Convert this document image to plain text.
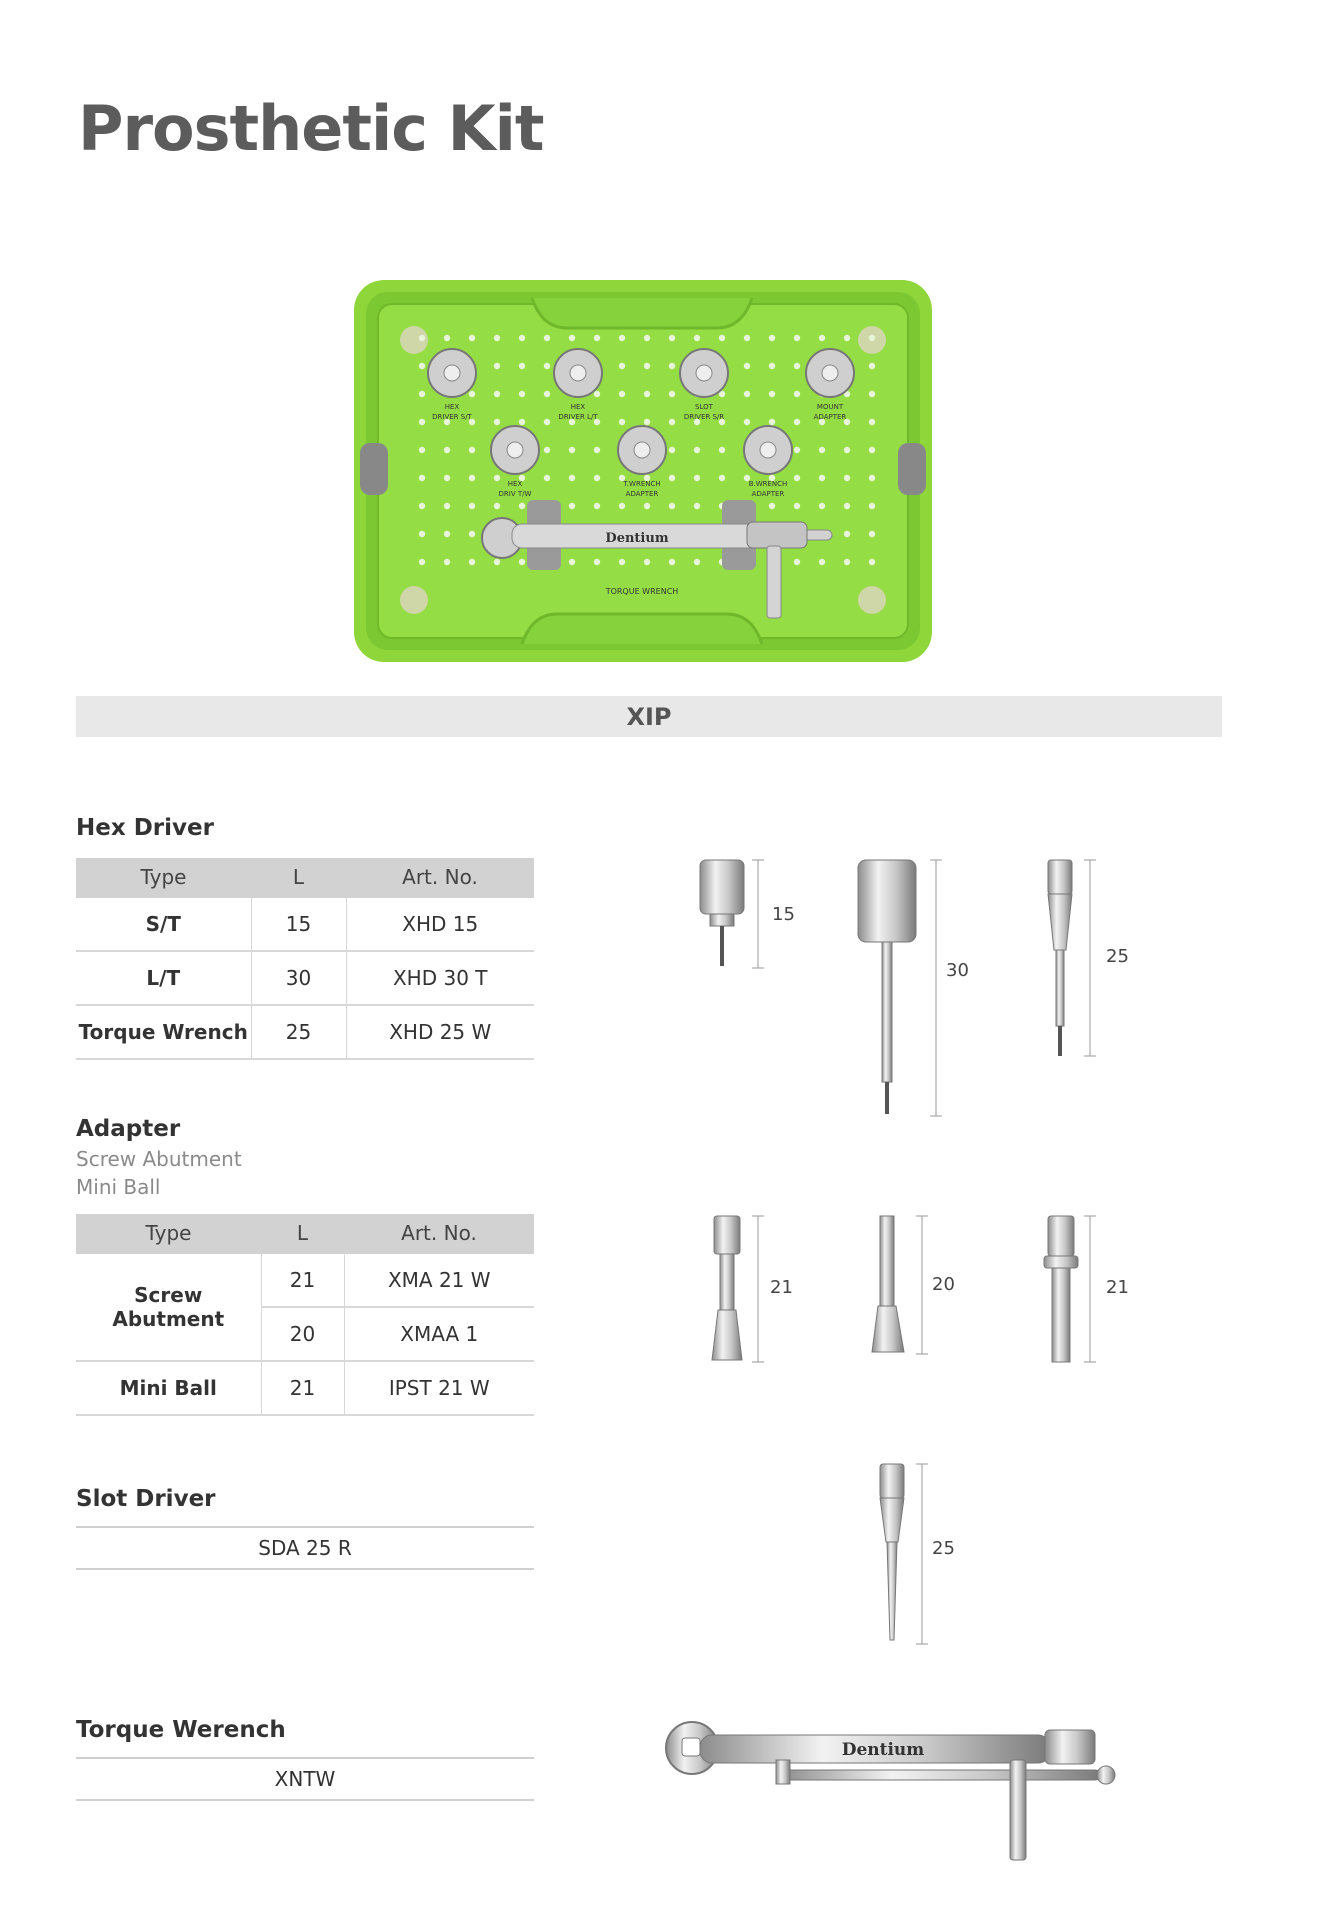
Prosthetic Kit
HEX
DRIVER S/T
HEX
DRIVER L/T
SLOT
DRIVER S/R
MOUNT
ADAPTER
HEX
DRIV T/W
T.WRENCH
ADAPTER
B.WRENCH
ADAPTER
Dentium
TORQUE WRENCH
XIP
Hex Driver
Type	L	Art. No.
S/T	15	XHD 15
L/T	30	XHD 30 T
Torque Wrench	25	XHD 25 W
Adapter
Screw Abutment
Mini Ball
Type	L	Art. No.
Screw Abutment	21	XMA 21 W
	20	XMAA 1
Mini Ball	21	IPST 21 W
Slot Driver
SDA 25 R
Torque Werench
XNTW
15
30
25
21	20	21
25
Dentium
